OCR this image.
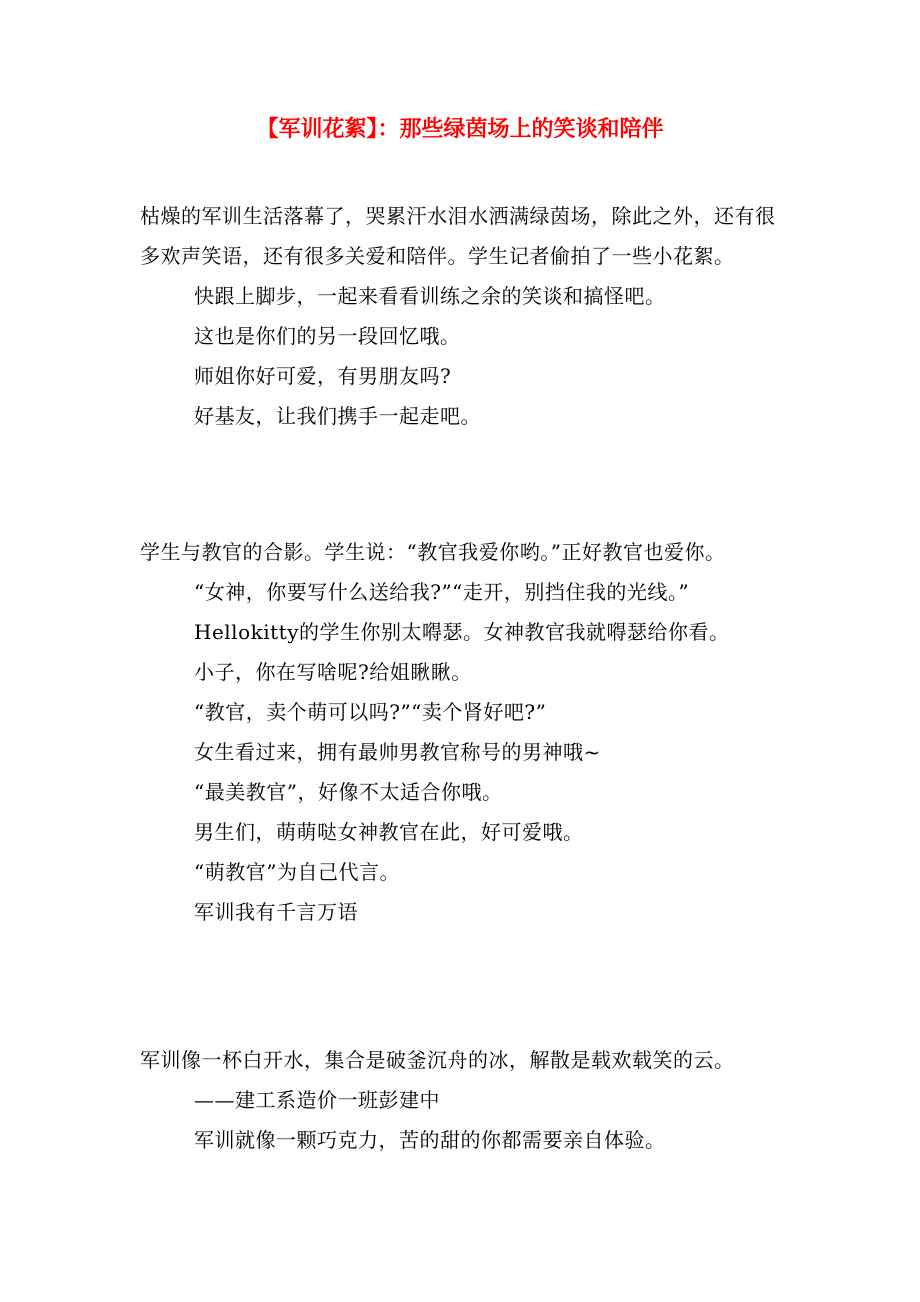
【军训花絮】：那些绿茵场上的笑谈和陪伴

枯燥的军训生活落幕了，哭累汗水泪水洒满绿茵场，除此之外，还有很多欢声笑语，还有很多关爱和陪伴。学生记者偷拍了一些小花絮。

快跟上脚步，一起来看看训练之余的笑谈和搞怪吧。

这也是你们的另一段回忆哦。

师姐你好可爱，有男朋友吗?

好基友，让我们携手一起走吧。

学生与教官的合影。学生说：“教官我爱你哟。”正好教官也爱你。

“女神，你要写什么送给我?”“走开，别挡住我的光线。”

Hellokitty的学生你别太嘚瑟。女神教官我就嘚瑟给你看。

小子，你在写啥呢?给姐瞅瞅。

“教官，卖个萌可以吗?”“卖个肾好吧?”

女生看过来，拥有最帅男教官称号的男神哦~

“最美教官”，好像不太适合你哦。

男生们，萌萌哒女神教官在此，好可爱哦。

“萌教官”为自己代言。

军训我有千言万语

军训像一杯白开水，集合是破釜沉舟的冰，解散是载欢载笑的云。

——建工系造价一班彭建中

军训就像一颗巧克力，苦的甜的你都需要亲自体验。
